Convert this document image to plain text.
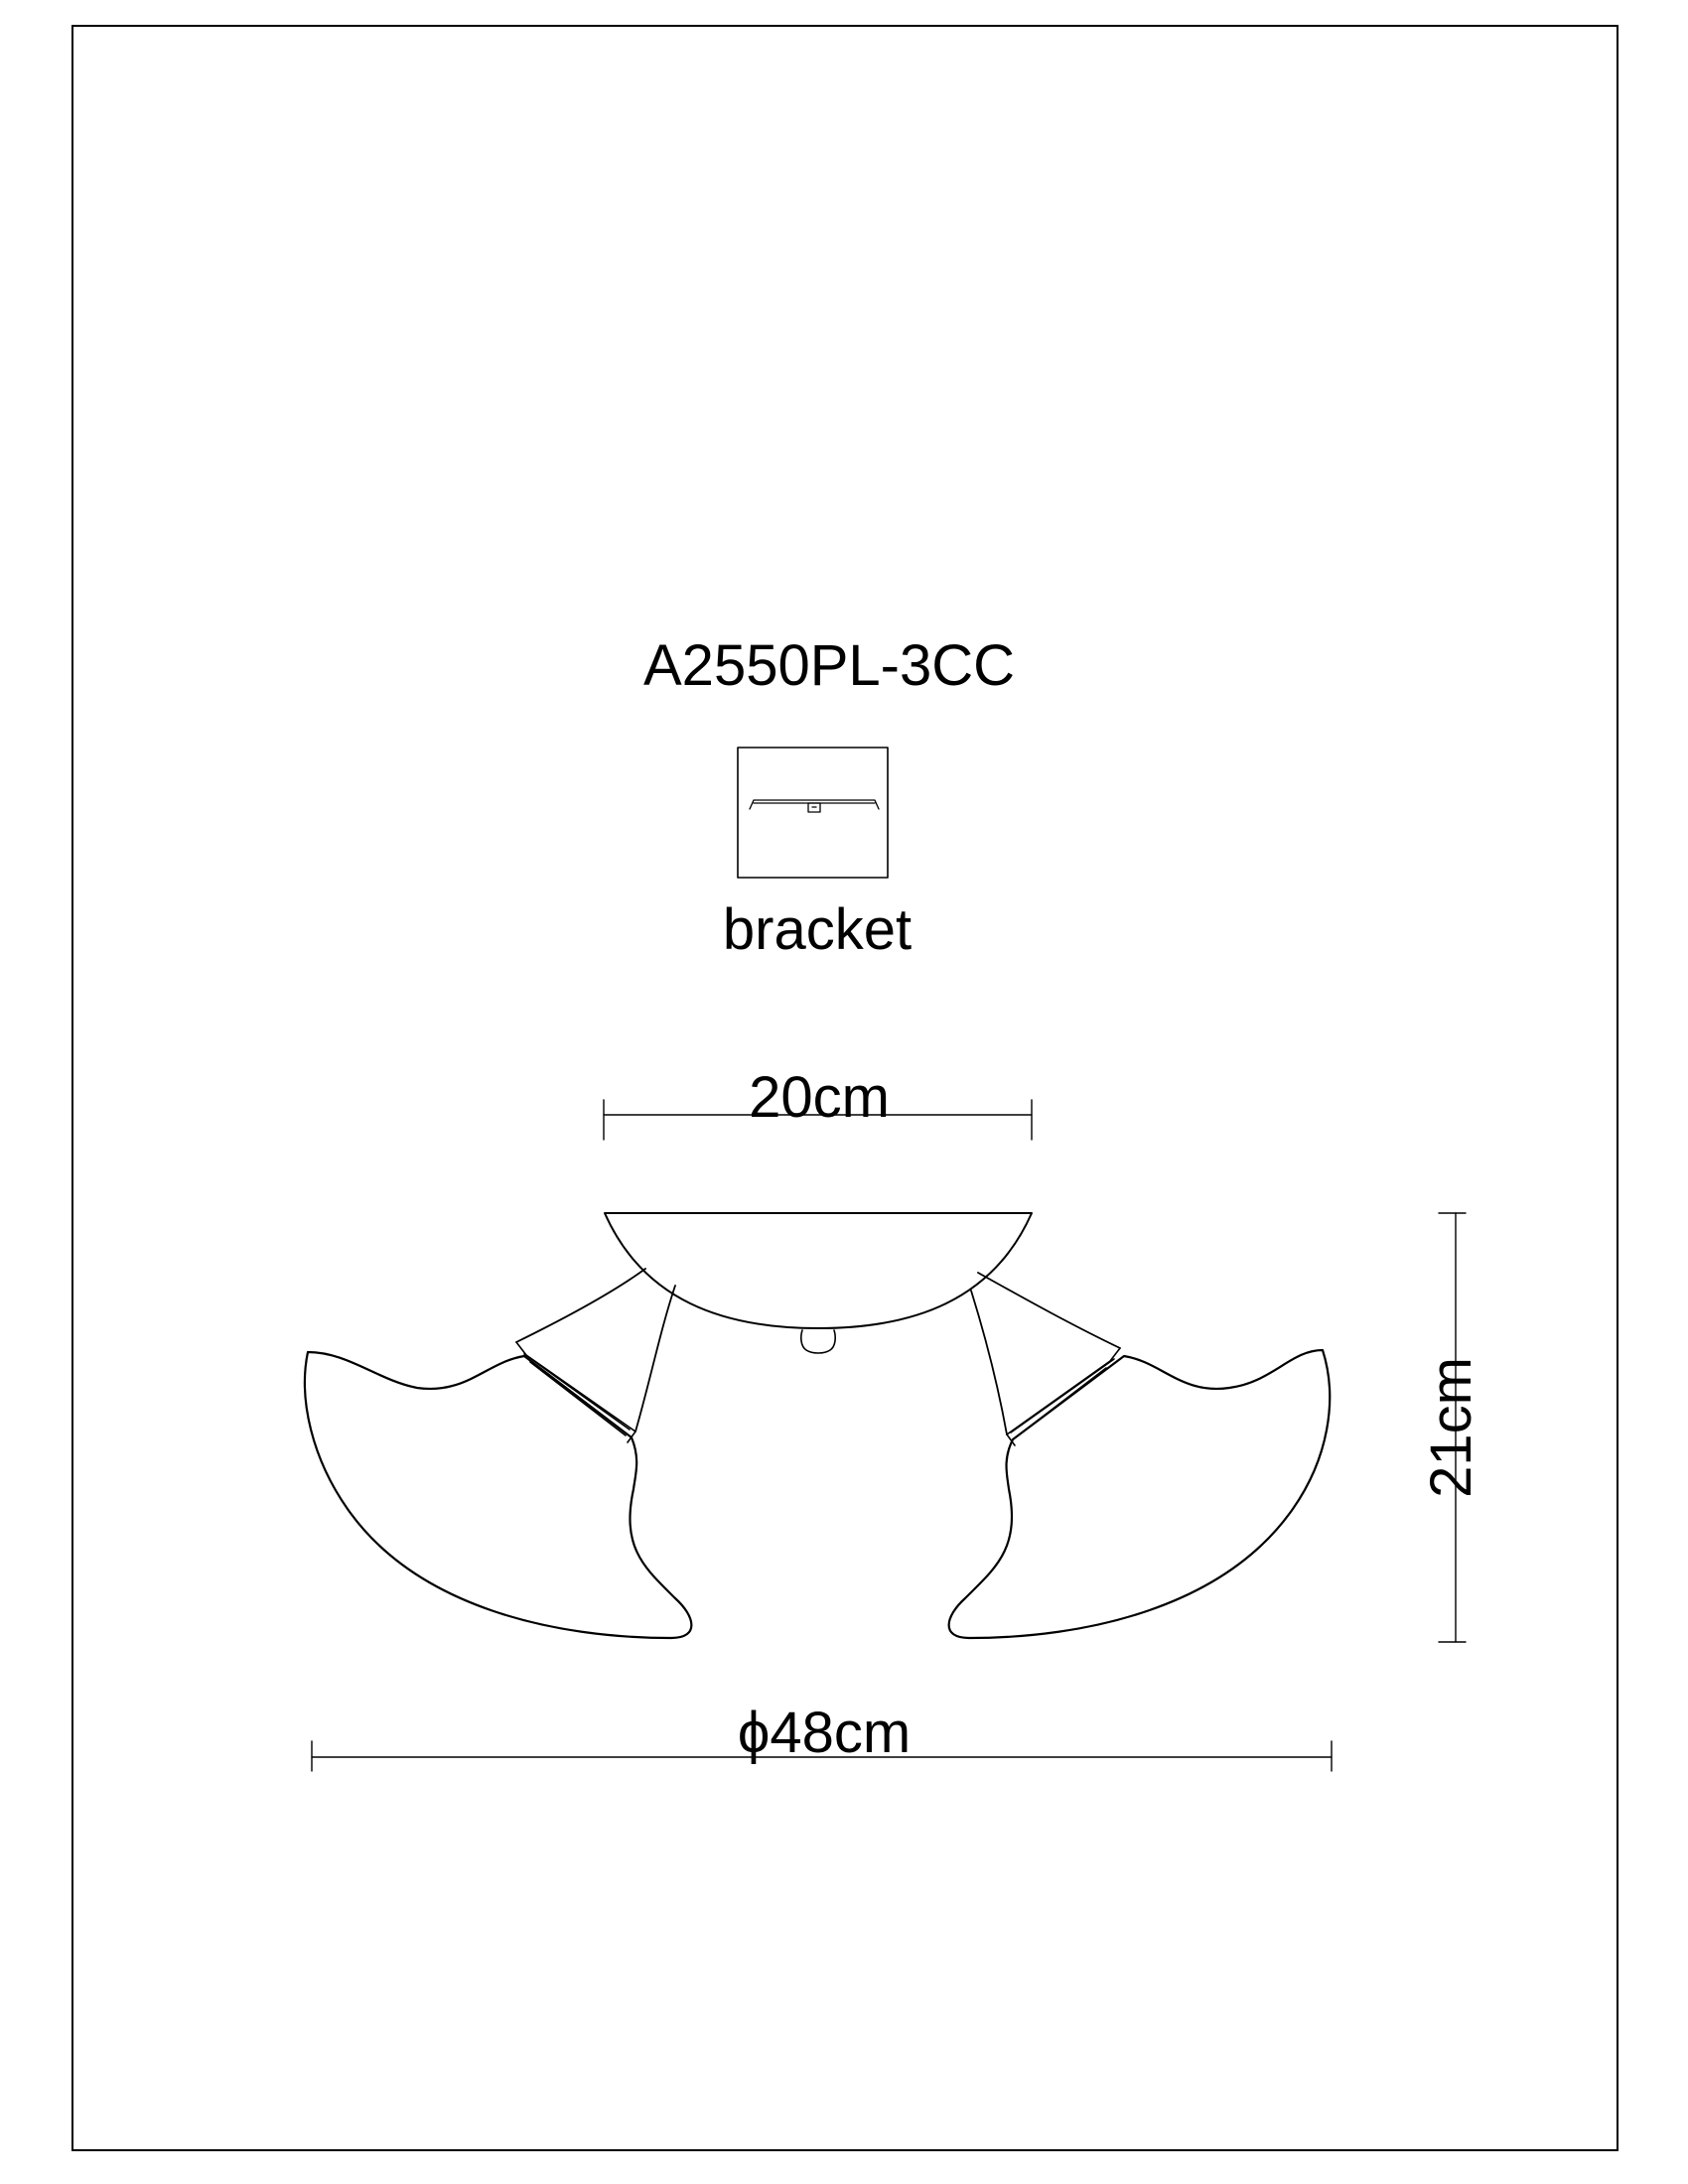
A2550PL-3CC
bracket
20cm
21cm
ϕ48cm
